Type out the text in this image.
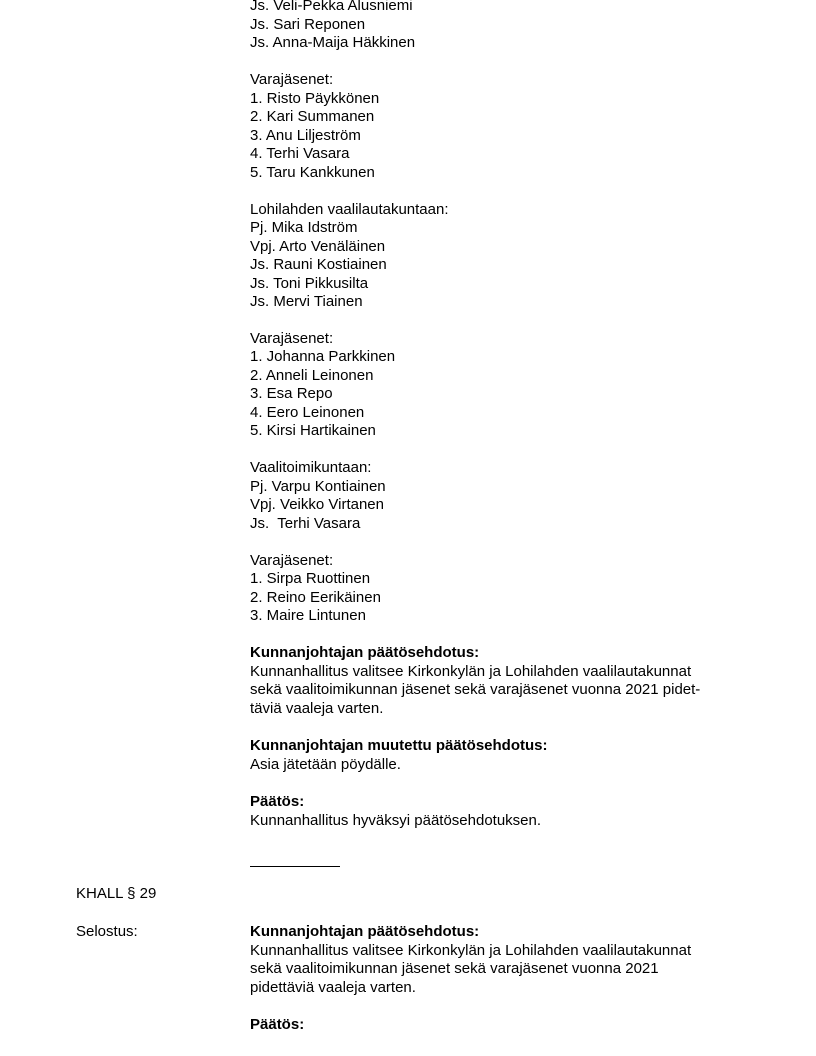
Js. Veli-Pekka Alusniemi
Js. Sari Reponen
Js. Anna-Maija Häkkinen
Varajäsenet:
1. Risto Päykkönen
2. Kari Summanen
3. Anu Liljeström
4. Terhi Vasara
5. Taru Kankkunen
Lohilahden vaalilautakuntaan:
Pj. Mika Idström
Vpj. Arto Venäläinen
Js. Rauni Kostiainen
Js. Toni Pikkusilta
Js. Mervi Tiainen
Varajäsenet:
1. Johanna Parkkinen
2. Anneli Leinonen
3. Esa Repo
4. Eero Leinonen
5. Kirsi Hartikainen
Vaalitoimikuntaan:
Pj. Varpu Kontiainen
Vpj. Veikko Virtanen
Js.  Terhi Vasara
Varajäsenet:
1. Sirpa Ruottinen
2. Reino Eerikäinen
3. Maire Lintunen
Kunnanjohtajan päätösehdotus:
Kunnanhallitus valitsee Kirkonkylän ja Lohilahden vaalilautakunnat
sekä vaalitoimikunnan jäsenet sekä varajäsenet vuonna 2021 pidet-
täviä vaaleja varten.
Kunnanjohtajan muutettu päätösehdotus:
Asia jätetään pöydälle.
Päätös:
Kunnanhallitus hyväksyi päätösehdotuksen.
KHALL § 29
Selostus:	Kunnanjohtajan päätösehdotus:
Kunnanhallitus valitsee Kirkonkylän ja Lohilahden vaalilautakunnat
sekä vaalitoimikunnan jäsenet sekä varajäsenet vuonna 2021
pidettäviä vaaleja varten.
Päätös:
